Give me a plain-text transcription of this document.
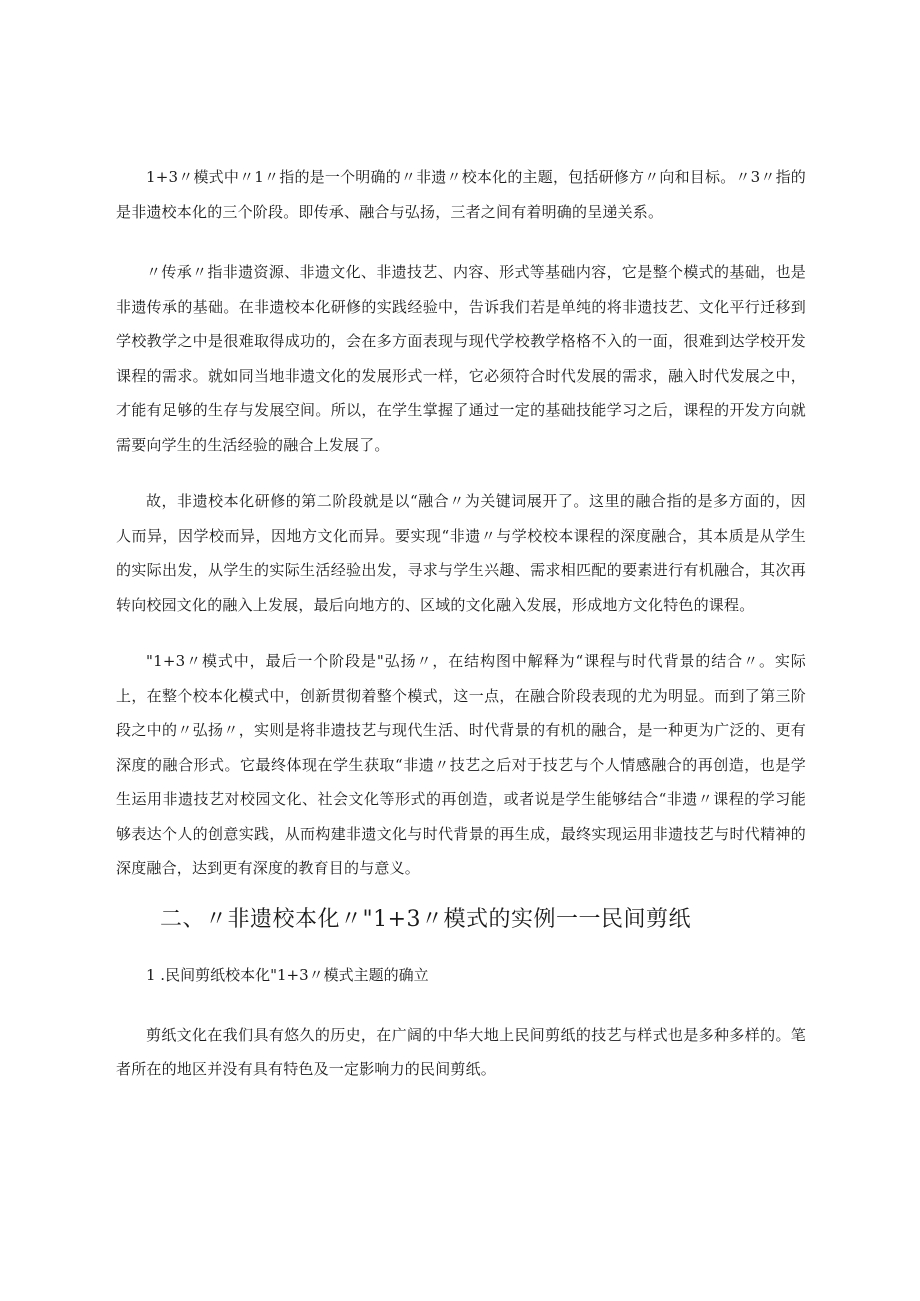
1+3〃模式中〃1〃指的是一个明确的〃非遗〃校本化的主题，包括研修方〃向和目标。〃3〃指的是非遗校本化的三个阶段。即传承、融合与弘扬，三者之间有着明确的呈递关系。

〃传承〃指非遗资源、非遗文化、非遗技艺、内容、形式等基础内容，它是整个模式的基础，也是非遗传承的基础。在非遗校本化研修的实践经验中，告诉我们若是单纯的将非遗技艺、文化平行迁移到学校教学之中是很难取得成功的，会在多方面表现与现代学校教学格格不入的一面，很难到达学校开发课程的需求。就如同当地非遗文化的发展形式一样，它必须符合时代发展的需求，融入时代发展之中，才能有足够的生存与发展空间。所以，在学生掌握了通过一定的基础技能学习之后，课程的开发方向就需要向学生的生活经验的融合上发展了。

故，非遗校本化研修的第二阶段就是以“融合〃为关键词展开了。这里的融合指的是多方面的，因人而异，因学校而异，因地方文化而异。要实现“非遗〃与学校校本课程的深度融合，其本质是从学生的实际出发，从学生的实际生活经验出发，寻求与学生兴趣、需求相匹配的要素进行有机融合，其次再转向校园文化的融入上发展，最后向地方的、区域的文化融入发展，形成地方文化特色的课程。

"1+3〃模式中，最后一个阶段是"弘扬〃，在结构图中解释为“课程与时代背景的结合〃。实际上，在整个校本化模式中，创新贯彻着整个模式，这一点，在融合阶段表现的尤为明显。而到了第三阶段之中的〃弘扬〃，实则是将非遗技艺与现代生活、时代背景的有机的融合，是一种更为广泛的、更有深度的融合形式。它最终体现在学生获取“非遗〃技艺之后对于技艺与个人情感融合的再创造，也是学生运用非遗技艺对校园文化、社会文化等形式的再创造，或者说是学生能够结合“非遗〃课程的学习能够表达个人的创意实践，从而构建非遗文化与时代背景的再生成，最终实现运用非遗技艺与时代精神的深度融合，达到更有深度的教育目的与意义。

二、〃非遗校本化〃"1+3〃模式的实例一一民间剪纸

1 .民间剪纸校本化"1+3〃模式主题的确立

剪纸文化在我们具有悠久的历史，在广阔的中华大地上民间剪纸的技艺与样式也是多种多样的。笔者所在的地区并没有具有特色及一定影响力的民间剪纸。
